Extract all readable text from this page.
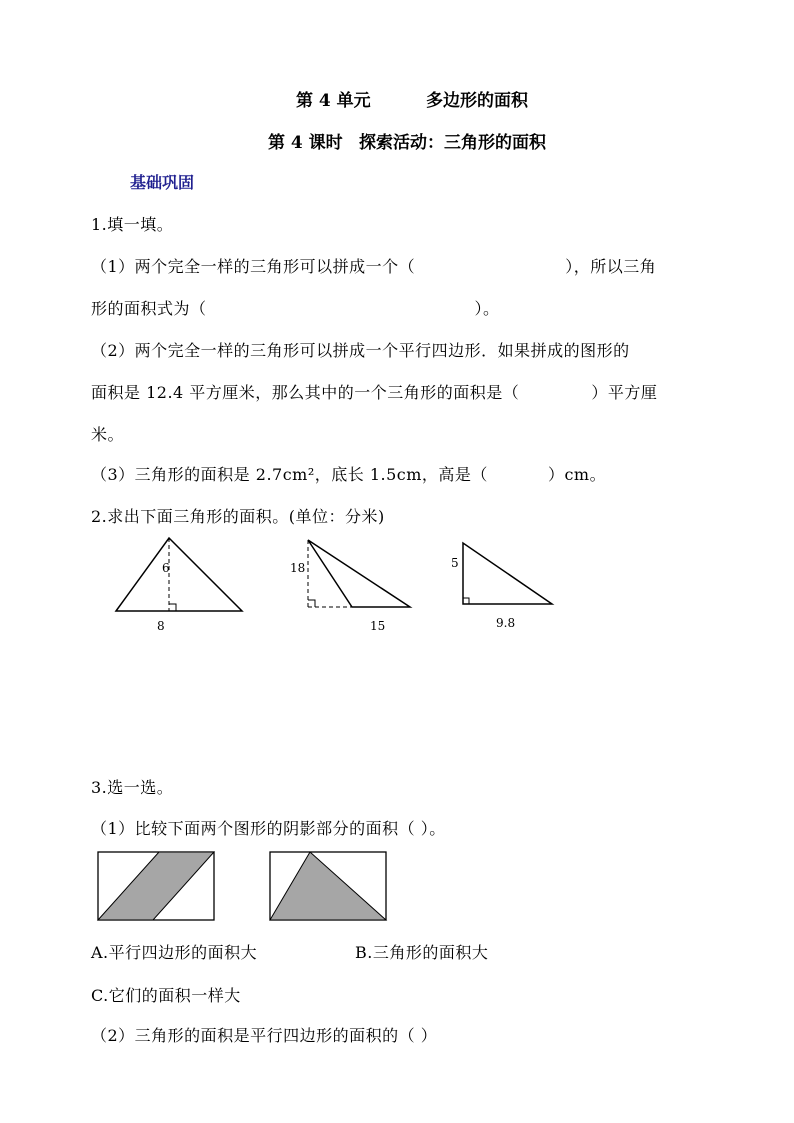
第 4 单元	多边形的面积
第 4 课时 探索活动：三角形的面积
基础巩固
1.填一填。
（1）两个完全一样的三角形可以拼成一个（	），所以三角
形的面积式为（	）。
（2）两个完全一样的三角形可以拼成一个平行四边形．如果拼成的图形的
面积是 12.4 平方厘米，那么其中的一个三角形的面积是（	）平方厘
米。
（3）三角形的面积是 2.7cm²，底长 1.5cm，高是（	）cm。
2.求出下面三角形的面积。(单位：分米)
6
8
18
15
5
9.8
3.选一选。
（1）比较下面两个图形的阴影部分的面积（ ）。
A.平行四边形的面积大	B.三角形的面积大
C.它们的面积一样大
（2）三角形的面积是平行四边形的面积的（ ）
